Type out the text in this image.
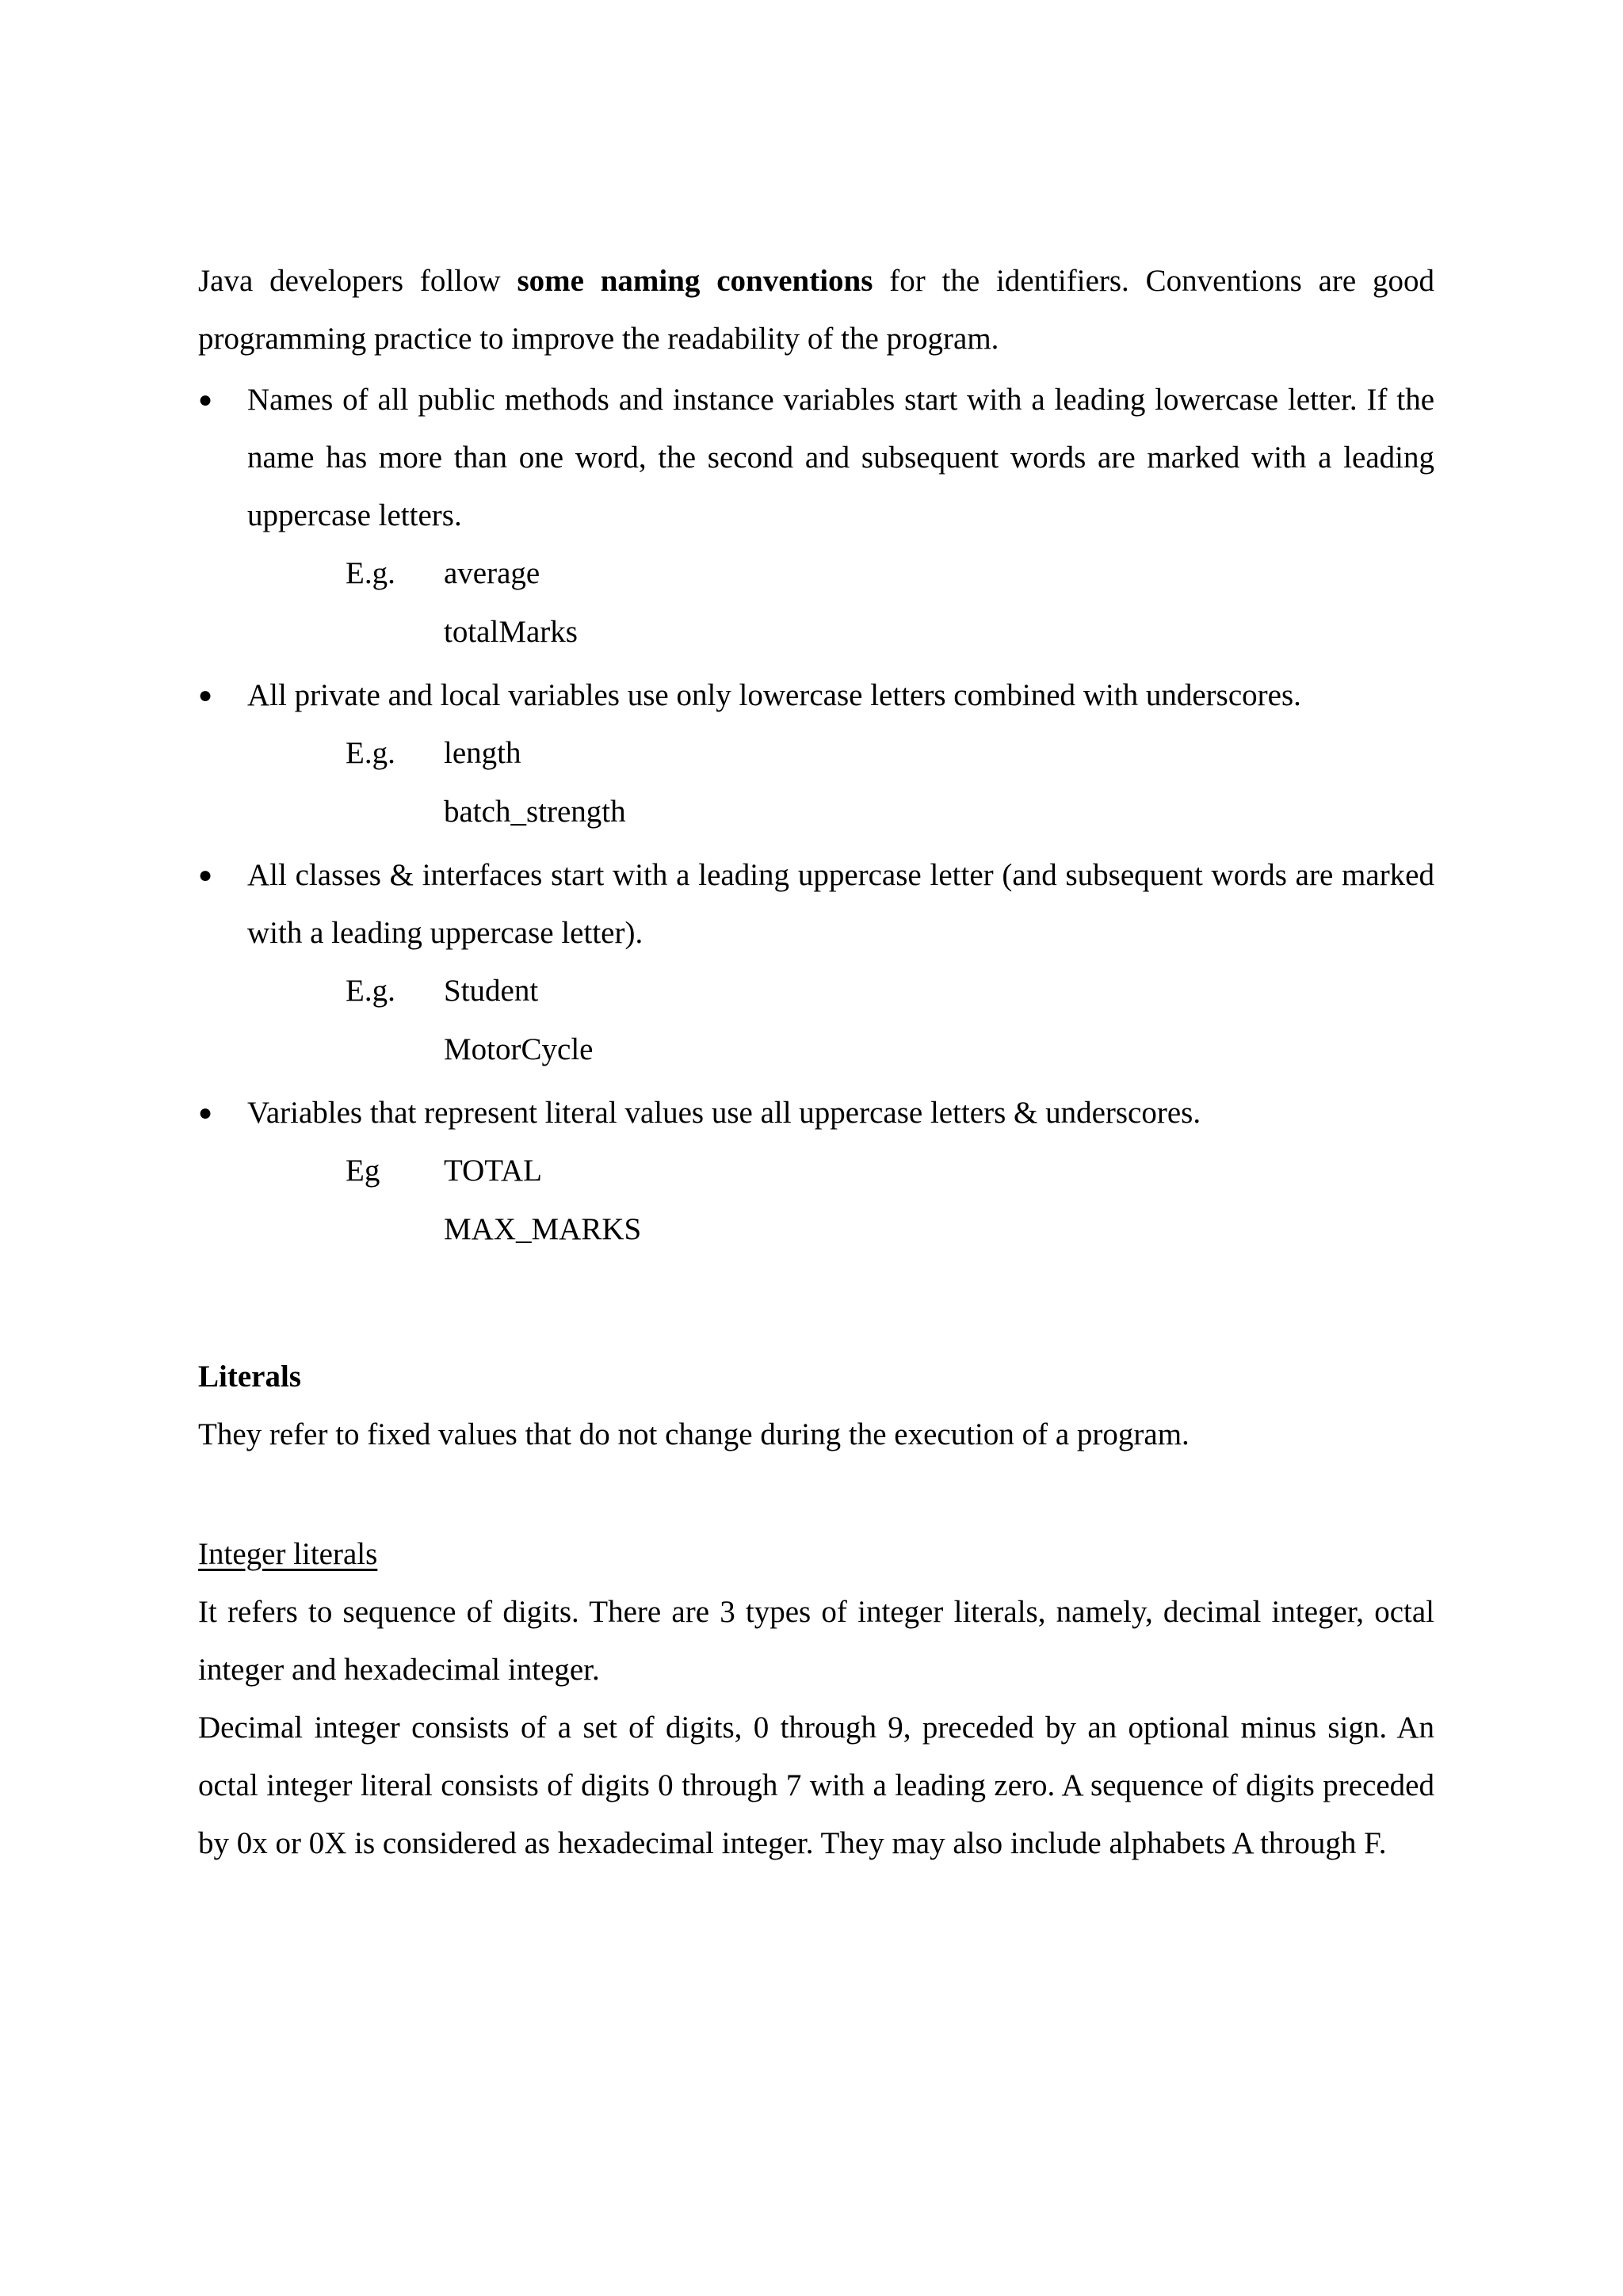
Java developers follow some naming conventions for the identifiers. Conventions are good programming practice to improve the readability of the program.

● Names of all public methods and instance variables start with a leading lowercase letter. If the name has more than one word, the second and subsequent words are marked with a leading uppercase letters.

E.g.	average
totalMarks
● All private and local variables use only lowercase letters combined with underscores.

E.g.	length
batch_strength
● All classes & interfaces start with a leading uppercase letter (and subsequent words are marked with a leading uppercase letter).

E.g.	Student
MotorCycle
● Variables that represent literal values use all uppercase letters & underscores.

Eg	TOTAL
MAX_MARKS
Literals

They refer to fixed values that do not change during the execution of a program.

Integer literals

It refers to sequence of digits. There are 3 types of integer literals, namely, decimal integer, octal integer and hexadecimal integer.

Decimal integer consists of a set of digits, 0 through 9, preceded by an optional minus sign. An octal integer literal consists of digits 0 through 7 with a leading zero. A sequence of digits preceded by 0x or 0X is considered as hexadecimal integer. They may also include alphabets A through F.
